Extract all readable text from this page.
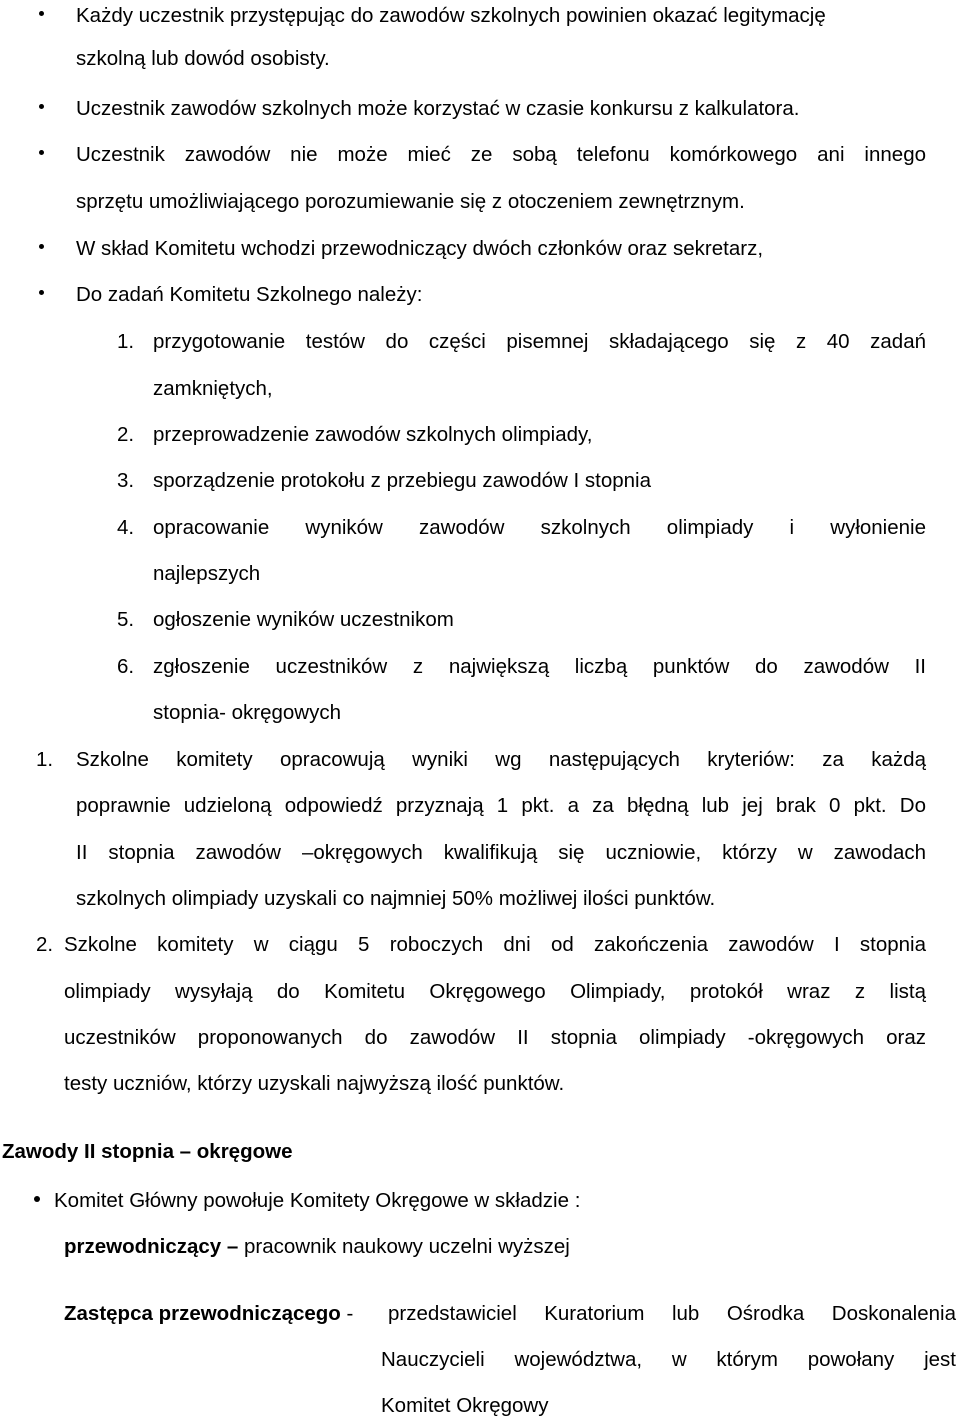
Każdy uczestnik przystępując do zawodów szkolnych powinien okazać legitymację
szkolną lub dowód osobisty.
Uczestnik zawodów szkolnych może korzystać w czasie konkursu z kalkulatora.
Uczestnik zawodów nie może mieć ze sobą telefonu komórkowego ani innego
sprzętu umożliwiającego porozumiewanie się z otoczeniem zewnętrznym.
W skład Komitetu wchodzi przewodniczący dwóch członków oraz sekretarz,
Do zadań Komitetu Szkolnego należy:
1. przygotowanie testów do części pisemnej składającego się z 40 zadań
zamkniętych,
2. przeprowadzenie zawodów szkolnych olimpiady,
3. sporządzenie protokołu z przebiegu zawodów I stopnia
4. opracowanie wyników zawodów szkolnych olimpiady i wyłonienie
najlepszych
5. ogłoszenie wyników uczestnikom
6. zgłoszenie uczestników z największą liczbą punktów do zawodów II
stopnia- okręgowych
1. Szkolne komitety opracowują wyniki wg następujących kryteriów: za każdą
poprawnie udzieloną odpowiedź przyznają 1 pkt. a za błędną lub jej brak 0 pkt. Do
II stopnia zawodów –okręgowych kwalifikują się uczniowie, którzy w zawodach
szkolnych olimpiady uzyskali co najmniej 50% możliwej ilości punktów.
2. Szkolne komitety w ciągu 5 roboczych dni od zakończenia zawodów I stopnia
olimpiady wysyłają do Komitetu Okręgowego Olimpiady, protokół wraz z listą
uczestników proponowanych do zawodów II stopnia olimpiady -okręgowych oraz
testy uczniów, którzy uzyskali najwyższą ilość punktów.
Zawody II stopnia – okręgowe
Komitet Główny powołuje Komitety Okręgowe w składzie :
przewodniczący – pracownik naukowy uczelni wyższej
Zastępca przewodniczącego - przedstawiciel Kuratorium lub Ośrodka Doskonalenia
Nauczycieli województwa, w którym powołany jest
Komitet Okręgowy
